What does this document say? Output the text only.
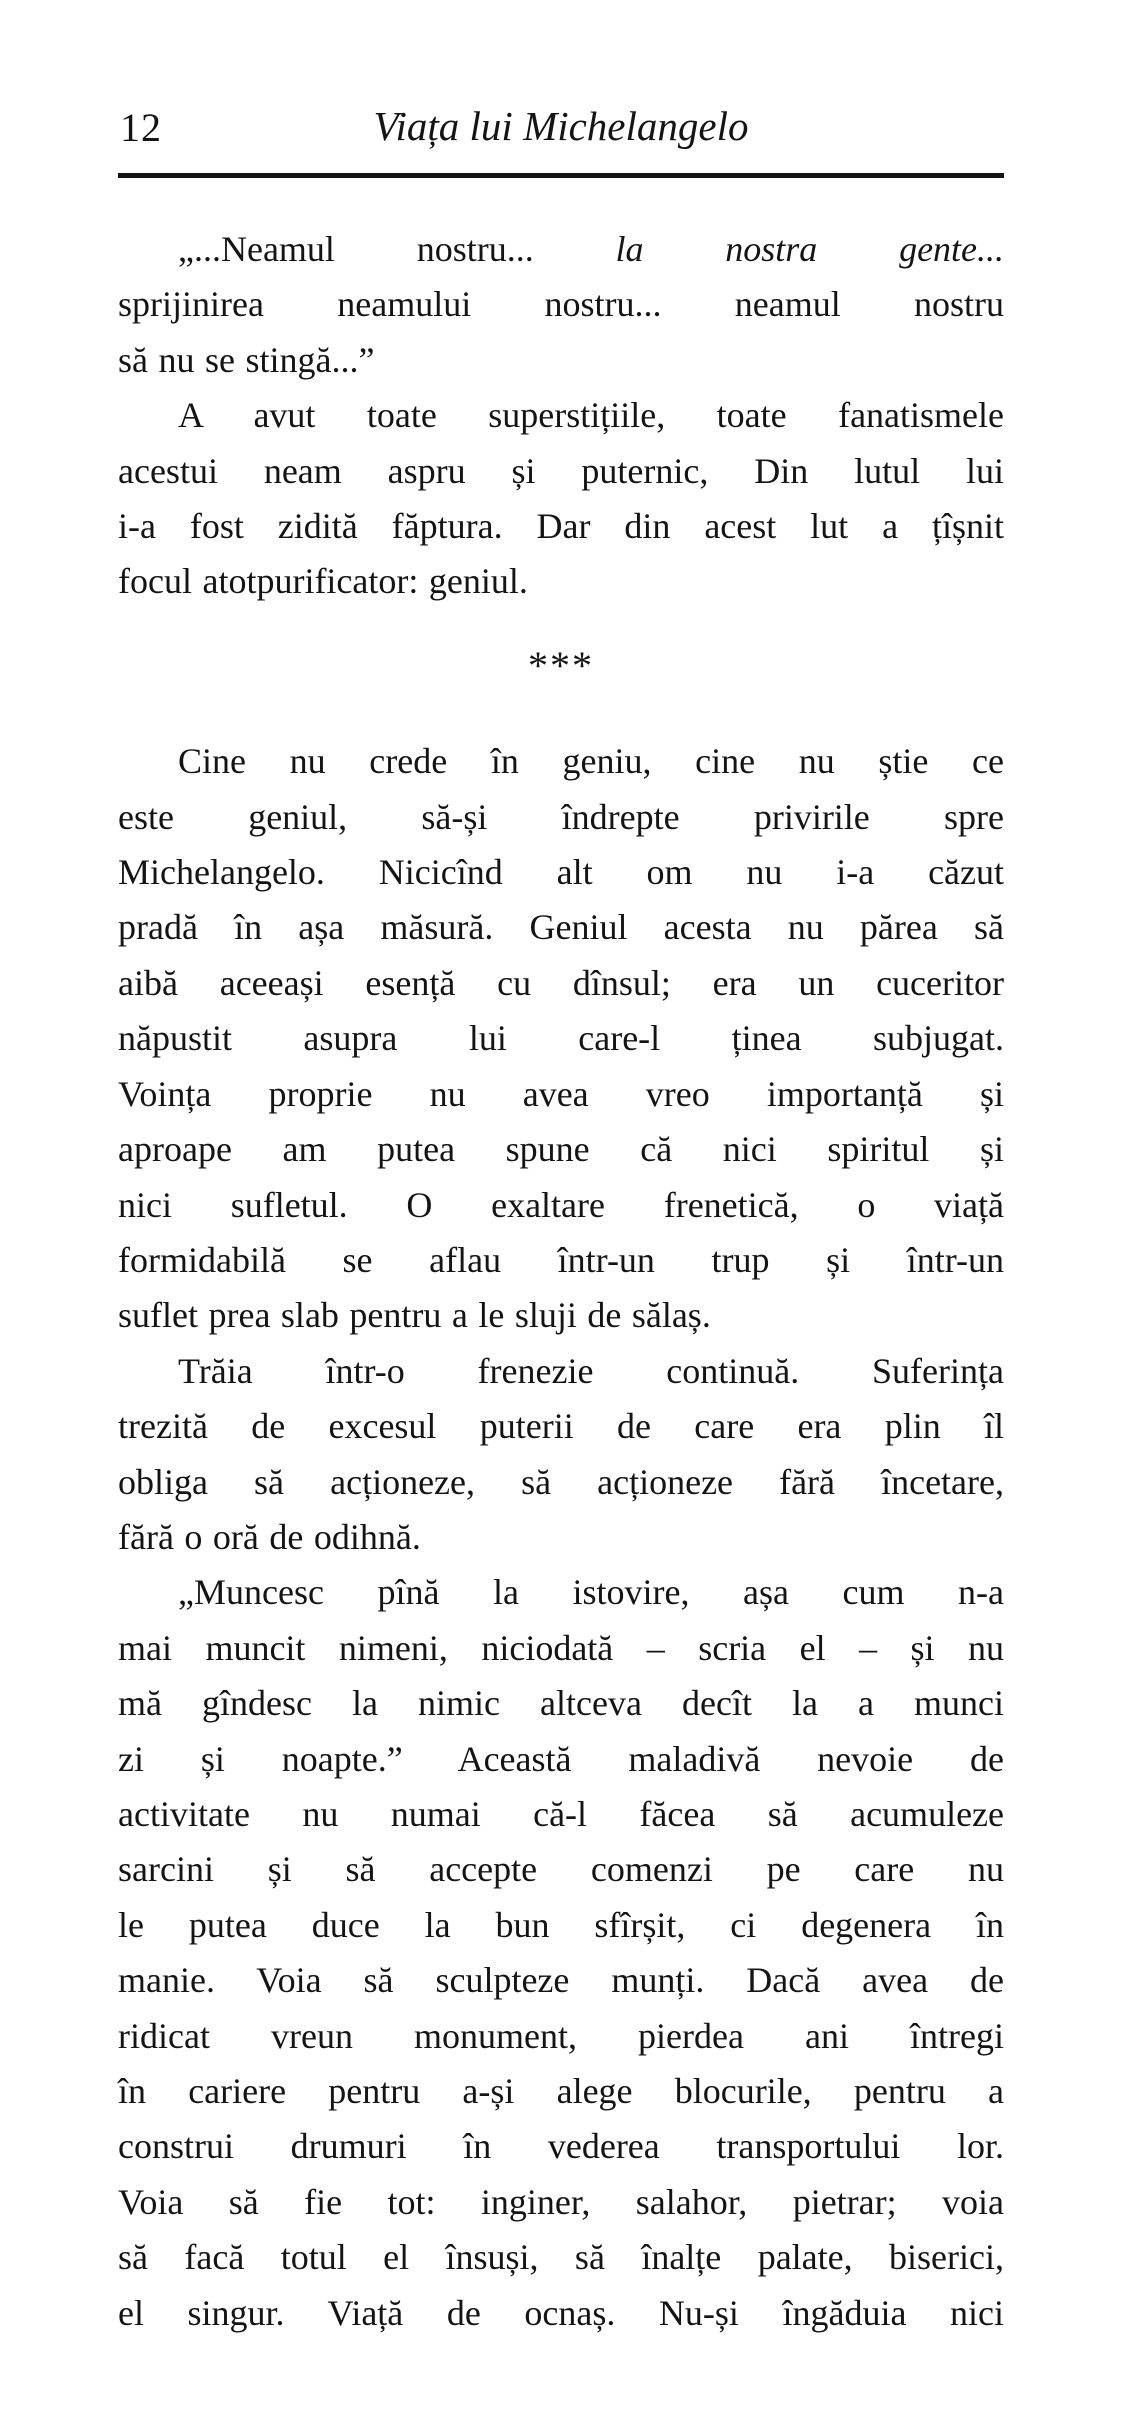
12	Viața lui Michelangelo
„...Neamul nostru... la nostra gente...
sprijinirea neamului nostru... neamul nostru
să nu se stingă...”
A avut toate superstițiile, toate fanatismele
acestui neam aspru și puternic, Din lutul lui
i-a fost zidită făptura. Dar din acest lut a țîșnit
focul atotpurificator: geniul.
***
Cine nu crede în geniu, cine nu știe ce
este geniul, să-și îndrepte privirile spre
Michelangelo. Nicicînd alt om nu i-a căzut
pradă în așa măsură. Geniul acesta nu părea să
aibă aceeași esență cu dînsul; era un cuceritor
năpustit asupra lui care-l ținea subjugat.
Voința proprie nu avea vreo importanță și
aproape am putea spune că nici spiritul și
nici sufletul. O exaltare frenetică, o viață
formidabilă se aflau într-un trup și într-un
suflet prea slab pentru a le sluji de sălaș.
Trăia într-o frenezie continuă. Suferința
trezită de excesul puterii de care era plin îl
obliga să acționeze, să acționeze fără încetare,
fără o oră de odihnă.
„Muncesc pînă la istovire, așa cum n-a
mai muncit nimeni, niciodată – scria el – și nu
mă gîndesc la nimic altceva decît la a munci
zi și noapte.” Această maladivă nevoie de
activitate nu numai că-l făcea să acumuleze
sarcini și să accepte comenzi pe care nu
le putea duce la bun sfîrșit, ci degenera în
manie. Voia să sculpteze munți. Dacă avea de
ridicat vreun monument, pierdea ani întregi
în cariere pentru a-și alege blocurile, pentru a
construi drumuri în vederea transportului lor.
Voia să fie tot: inginer, salahor, pietrar; voia
să facă totul el însuși, să înalțe palate, biserici,
el singur. Viață de ocnaș. Nu-și îngăduia nici
